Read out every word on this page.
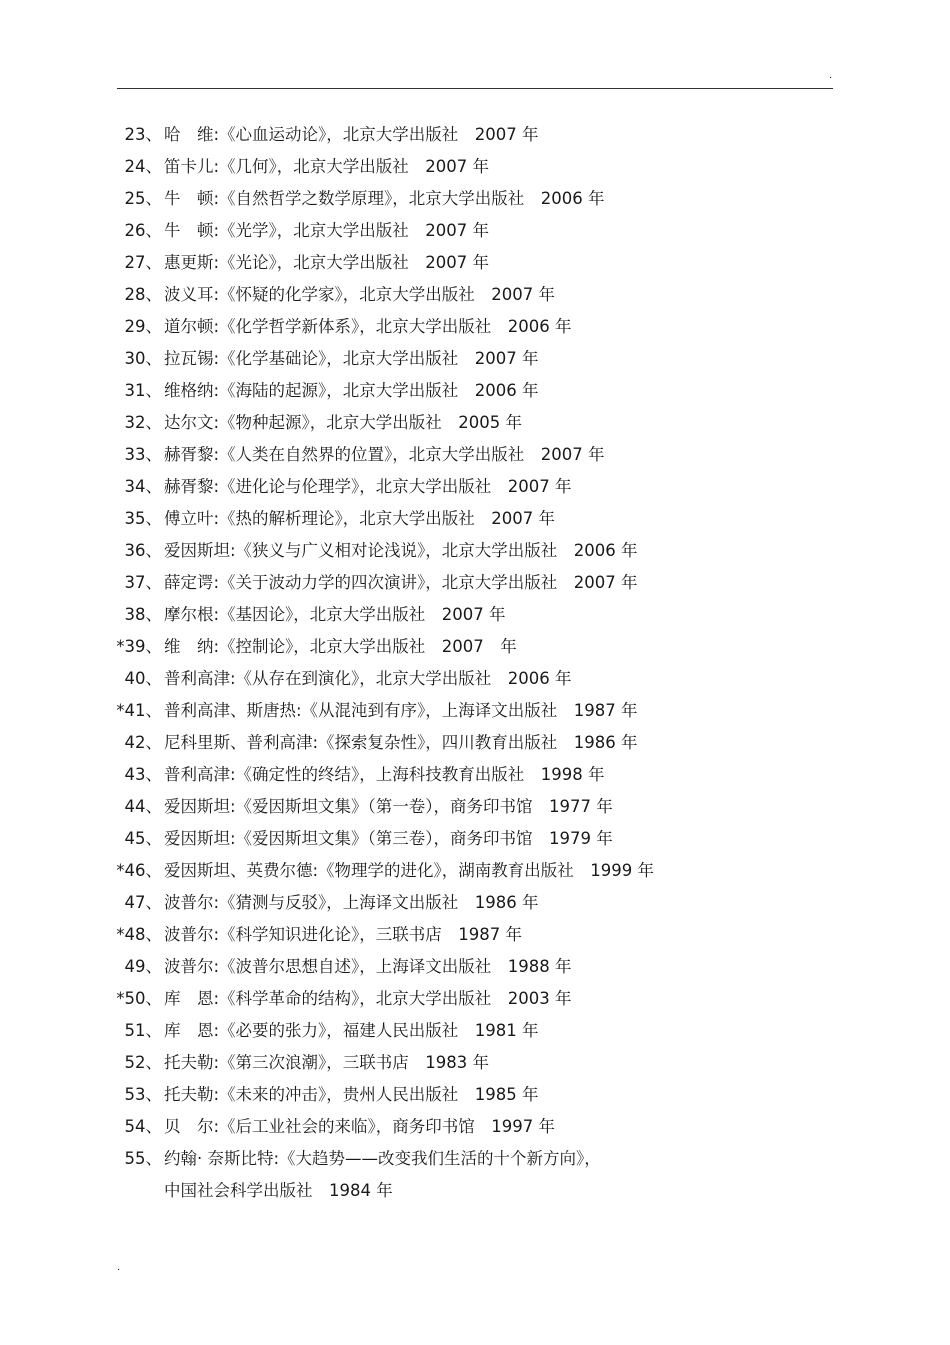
.
23、 哈　维:《心血运动论》，北京大学出版社　2007 年
24、 笛卡儿:《几何》，北京大学出版社　2007 年
25、 牛　顿:《自然哲学之数学原理》，北京大学出版社　2006 年
26、 牛　顿:《光学》，北京大学出版社　2007 年
27、 惠更斯:《光论》，北京大学出版社　2007 年
28、 波义耳:《怀疑的化学家》，北京大学出版社　2007 年
29、 道尔顿:《化学哲学新体系》，北京大学出版社　2006 年
30、 拉瓦锡:《化学基础论》，北京大学出版社　2007 年
31、 维格纳:《海陆的起源》，北京大学出版社　2006 年
32、 达尔文:《物种起源》，北京大学出版社　2005 年
33、 赫胥黎:《人类在自然界的位置》，北京大学出版社　2007 年
34、 赫胥黎:《进化论与伦理学》，北京大学出版社　2007 年
35、 傅立叶:《热的解析理论》，北京大学出版社　2007 年
36、 爱因斯坦:《狭义与广义相对论浅说》，北京大学出版社　2006 年
37、 薛定谔:《关于波动力学的四次演讲》，北京大学出版社　2007 年
38、 摩尔根:《基因论》，北京大学出版社　2007 年
*39、 维　纳:《控制论》，北京大学出版社　2007　年
40、 普利高津:《从存在到演化》，北京大学出版社　2006 年
*41、 普利高津、斯唐热:《从混沌到有序》，上海译文出版社　1987 年
42、 尼科里斯、普利高津:《探索复杂性》，四川教育出版社　1986 年
43、 普利高津:《确定性的终结》，上海科技教育出版社　1998 年
44、 爱因斯坦:《爱因斯坦文集》（第一卷），商务印书馆　1977 年
45、 爱因斯坦:《爱因斯坦文集》（第三卷），商务印书馆　1979 年
*46、 爱因斯坦、英费尔德:《物理学的进化》，湖南教育出版社　1999 年
47、 波普尔:《猜测与反驳》，上海译文出版社　1986 年
*48、 波普尔:《科学知识进化论》，三联书店　1987 年
49、 波普尔:《波普尔思想自述》，上海译文出版社　1988 年
*50、 库　恩:《科学革命的结构》，北京大学出版社　2003 年
51、 库　恩:《必要的张力》，福建人民出版社　1981 年
52、 托夫勒:《第三次浪潮》，三联书店　1983 年
53、 托夫勒:《未来的冲击》，贵州人民出版社　1985 年
54、 贝　尔:《后工业社会的来临》，商务印书馆　1997 年
55、 约翰· 奈斯比特:《大趋势——改变我们生活的十个新方向》，
中国社会科学出版社　1984 年
.
